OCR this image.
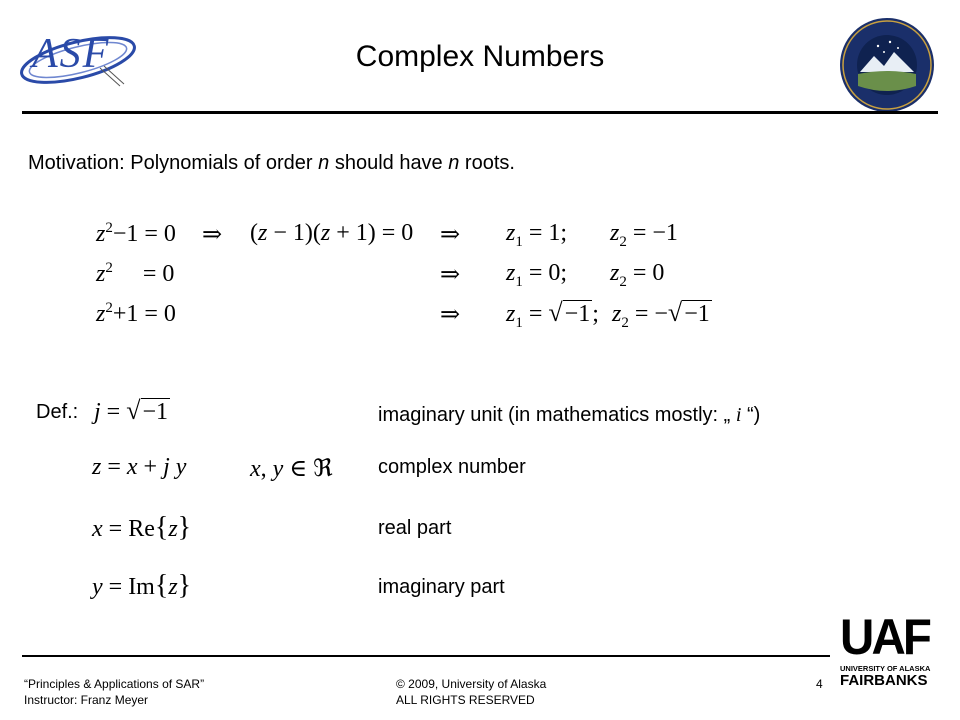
ASF	Complex Numbers
Motivation: Polynomials of order n should have n roots.
$z^2-1 = 0$ ⇒ (z − 1)(z + 1) = 0 ⇒ $z_1 = 1$; $z_2 = -1$
$z^2$     = 0	⇒ $z_1 = 0$; $z_2 = 0$
$z^2+1 = 0$	⇒ $z_1 = √-1$; $z_2 = -√-1$
Def.: j = √−1	imaginary unit (in mathematics mostly: „ i “)
z = x + j y	x, y ∈ ℜ complex number
x = Re{z}	real part
y = Im{z}	imaginary part
“Principles & Applications of SAR”
Instructor: Franz Meyer
© 2009, University of Alaska
ALL RIGHTS RESERVED
4
UAF
UNIVERSITY OF ALASKA
FAIRBANKS
